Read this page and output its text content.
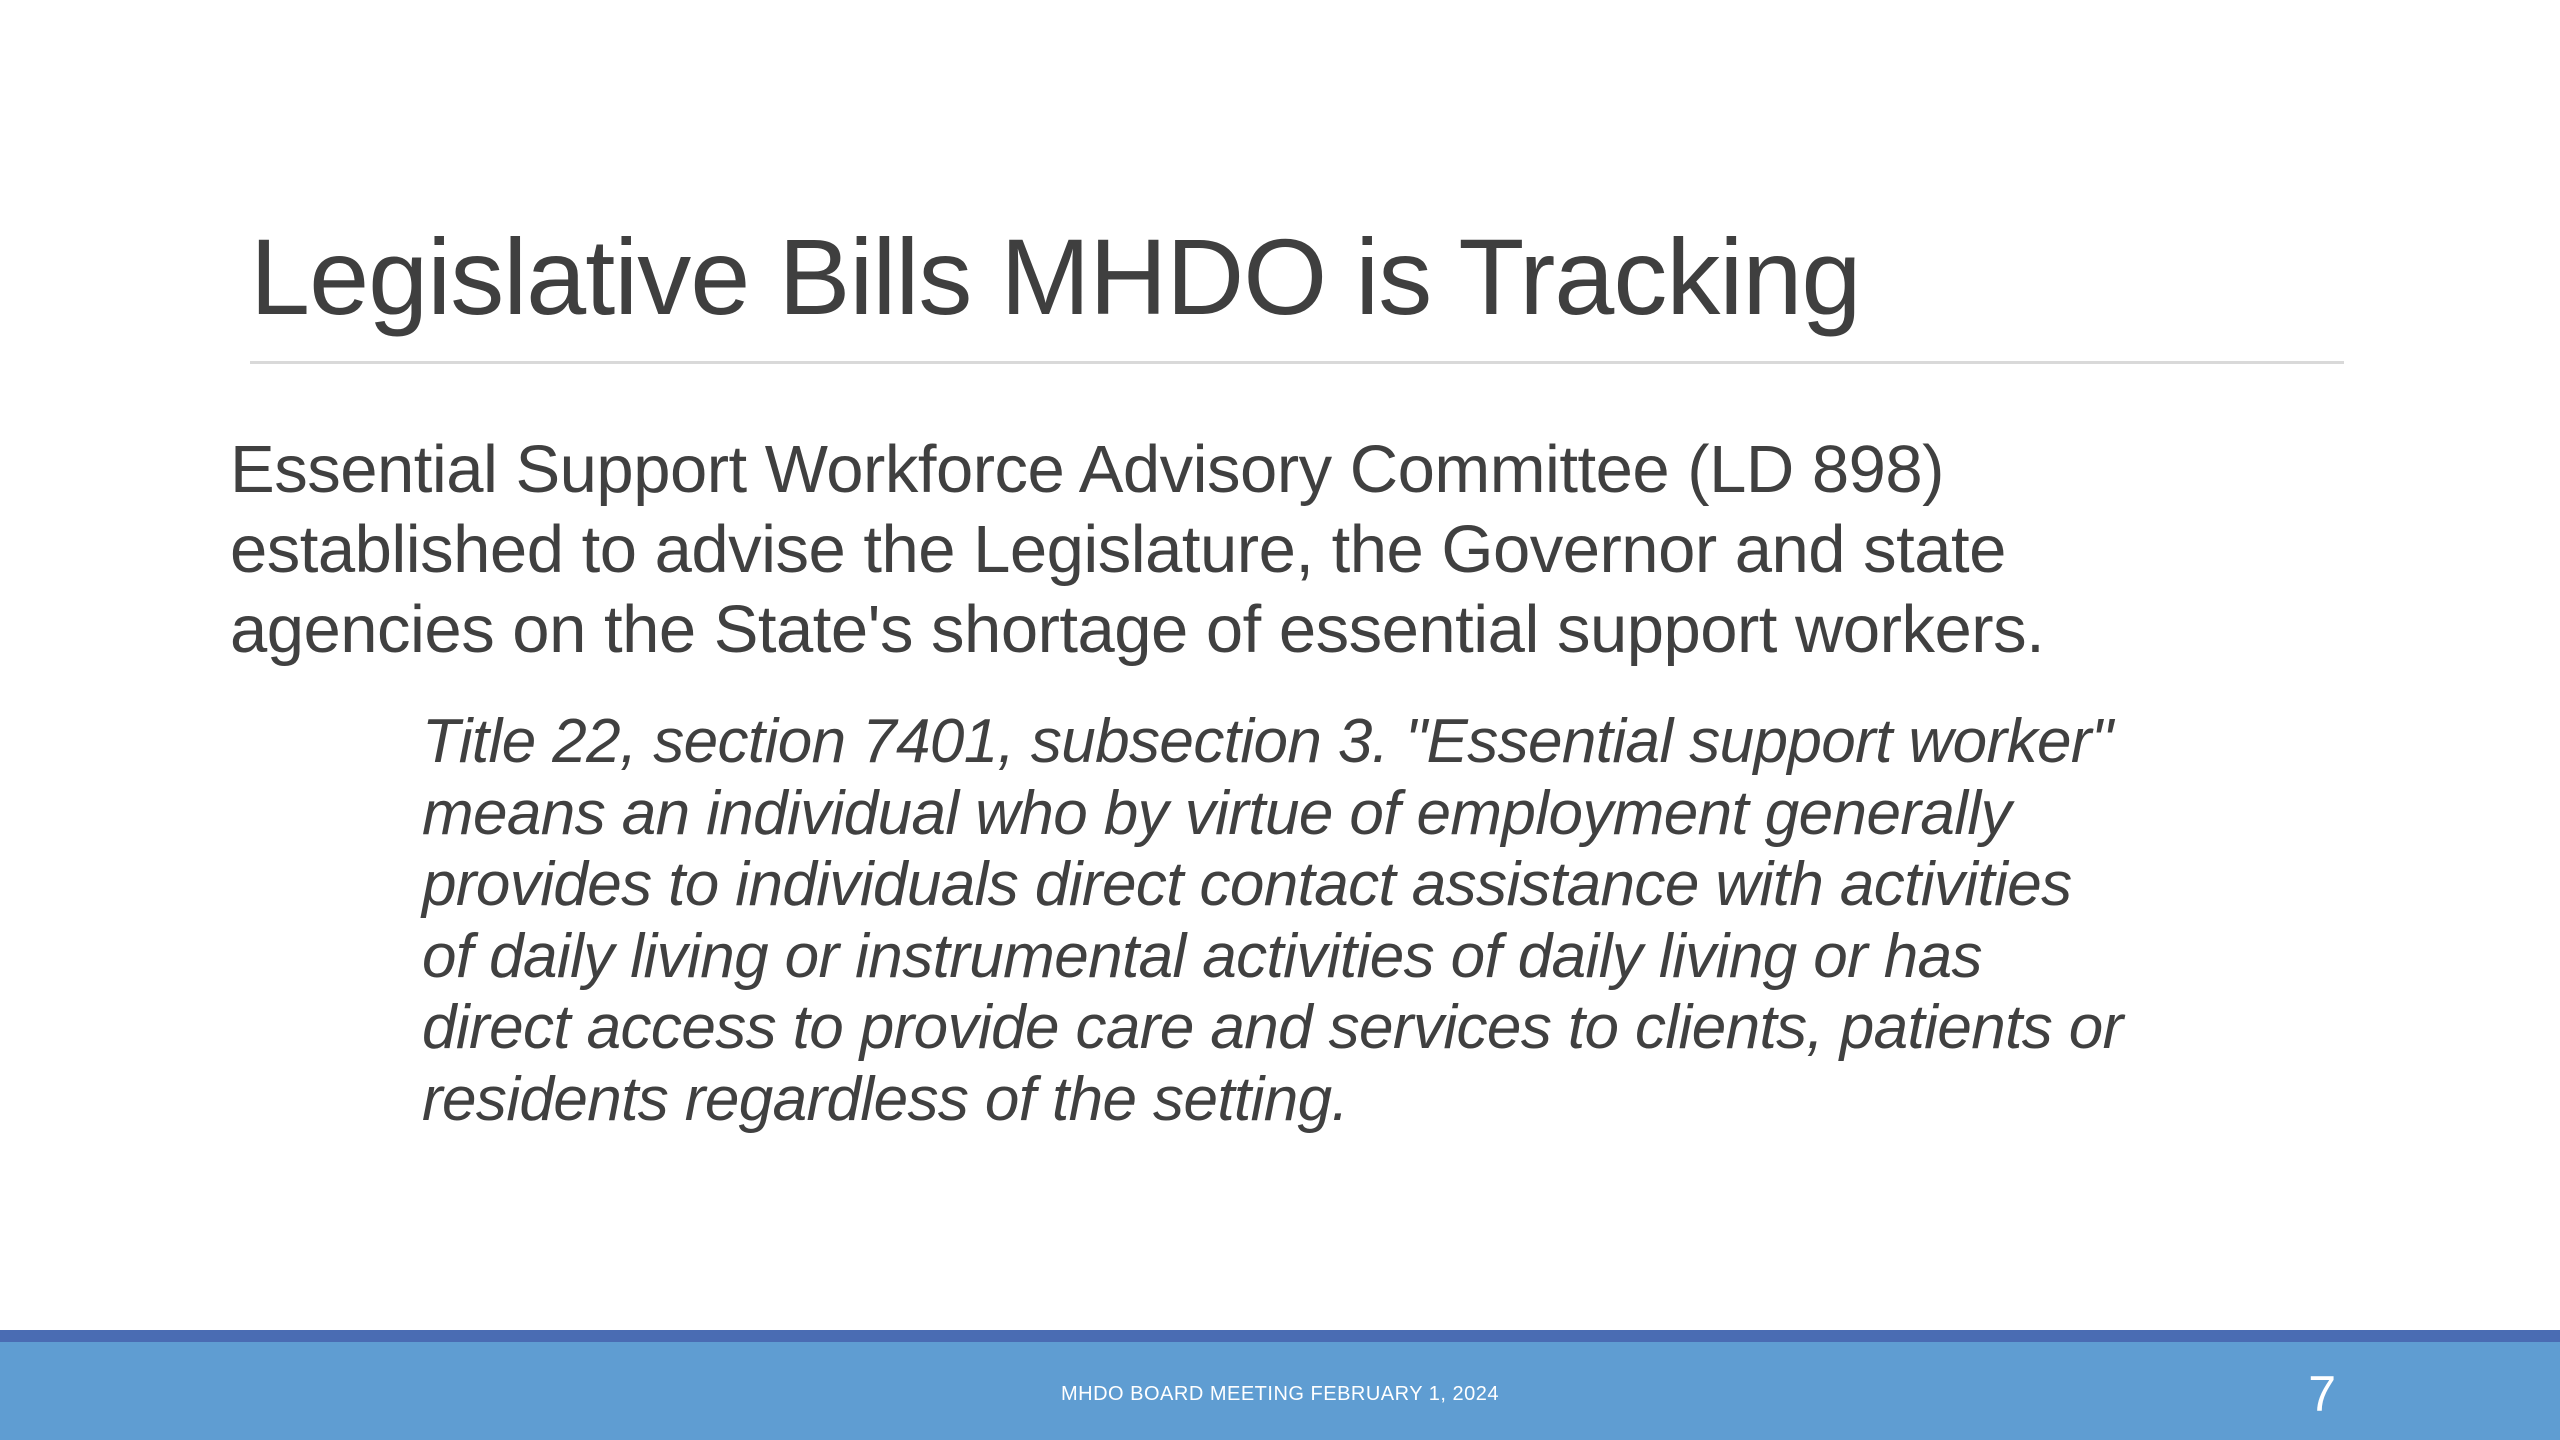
Legislative Bills MHDO is Tracking
Essential Support Workforce Advisory Committee (LD 898)
established to advise the Legislature, the Governor and state
agencies on the State's shortage of essential support workers.
Title 22, section 7401, subsection 3. "Essential support worker"
means an individual who by virtue of employment generally
provides to individuals direct contact assistance with activities
of daily living or instrumental activities of daily living or has
direct access to provide care and services to clients, patients or
residents regardless of the setting.
MHDO BOARD MEETING FEBRUARY 1, 2024	7
